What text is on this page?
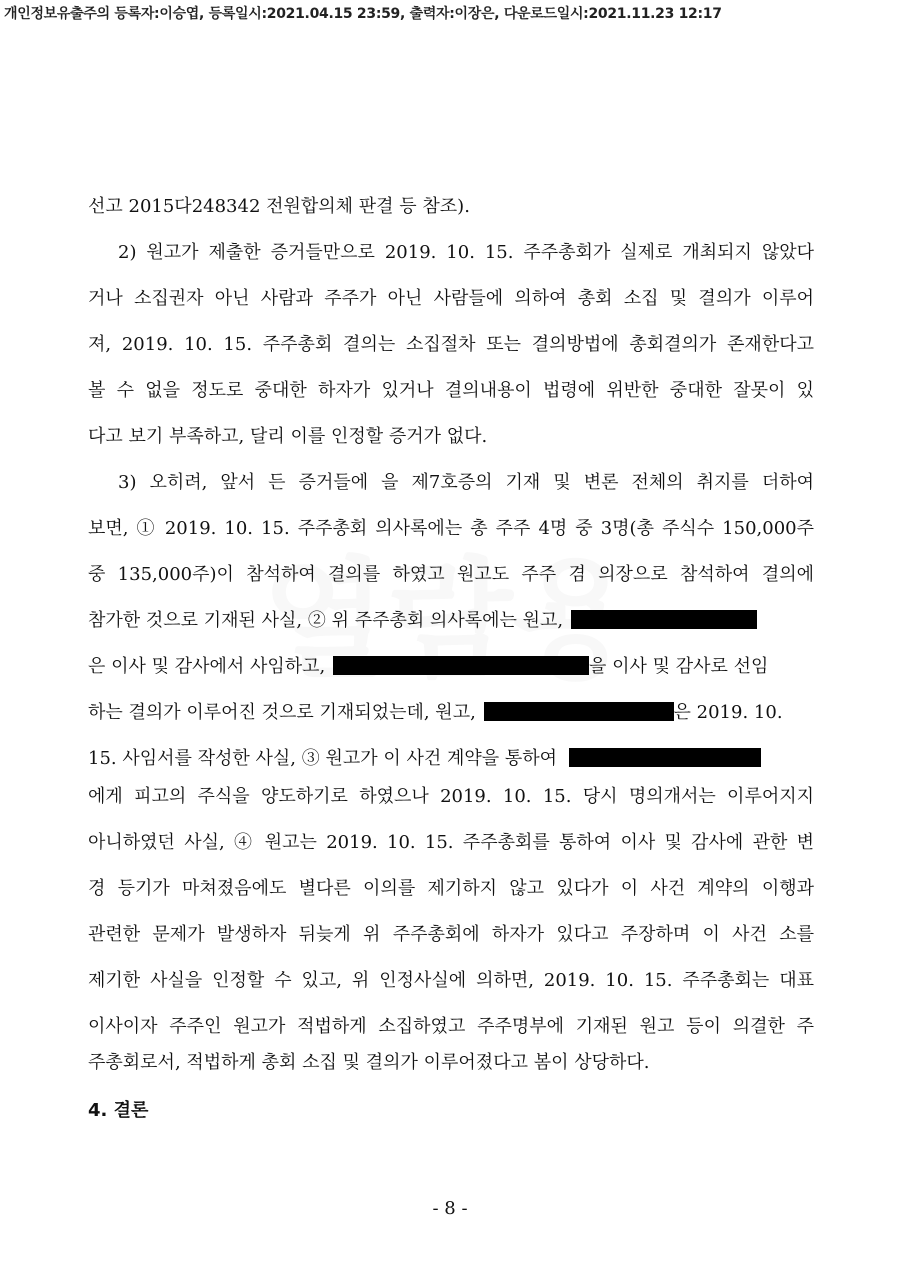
개인정보유출주의 등록자:이승엽, 등록일시:2021.04.15 23:59, 출력자:이장은, 다운로드일시:2021.11.23 12:17
선고 2015다248342 전원합의체 판결 등 참조).
2) 원고가 제출한 증거들만으로 2019. 10. 15. 주주총회가 실제로 개최되지 않았다
거나 소집권자 아닌 사람과 주주가 아닌 사람들에 의하여 총회 소집 및 결의가 이루어
져, 2019. 10. 15. 주주총회 결의는 소집절차 또는 결의방법에 총회결의가 존재한다고
볼 수 없을 정도로 중대한 하자가 있거나 결의내용이 법령에 위반한 중대한 잘못이 있
다고 보기 부족하고, 달리 이를 인정할 증거가 없다.
3) 오히려, 앞서 든 증거들에 을 제7호증의 기재 및 변론 전체의 취지를 더하여
보면, ① 2019. 10. 15. 주주총회 의사록에는 총 주주 4명 중 3명(총 주식수 150,000주
중 135,000주)이 참석하여 결의를 하였고 원고도 주주 겸 의장으로 참석하여 결의에
참가한 것으로 기재된 사실, ② 위 주주총회 의사록에는 원고,
은 이사 및 감사에서 사임하고,	을 이사 및 감사로 선임
하는 결의가 이루어진 것으로 기재되었는데, 원고,	은 2019. 10.
15. 사임서를 작성한 사실, ③ 원고가 이 사건 계약을 통하여
에게 피고의 주식을 양도하기로 하였으나 2019. 10. 15. 당시 명의개서는 이루어지지
아니하였던 사실, ④ 원고는 2019. 10. 15. 주주총회를 통하여 이사 및 감사에 관한 변
경 등기가 마쳐졌음에도 별다른 이의를 제기하지 않고 있다가 이 사건 계약의 이행과
관련한 문제가 발생하자 뒤늦게 위 주주총회에 하자가 있다고 주장하며 이 사건 소를
제기한 사실을 인정할 수 있고, 위 인정사실에 의하면, 2019. 10. 15. 주주총회는 대표
이사이자 주주인 원고가 적법하게 소집하였고 주주명부에 기재된 원고 등이 의결한 주
주총회로서, 적법하게 총회 소집 및 결의가 이루어졌다고 봄이 상당하다.
4. 결론
- 8 -
